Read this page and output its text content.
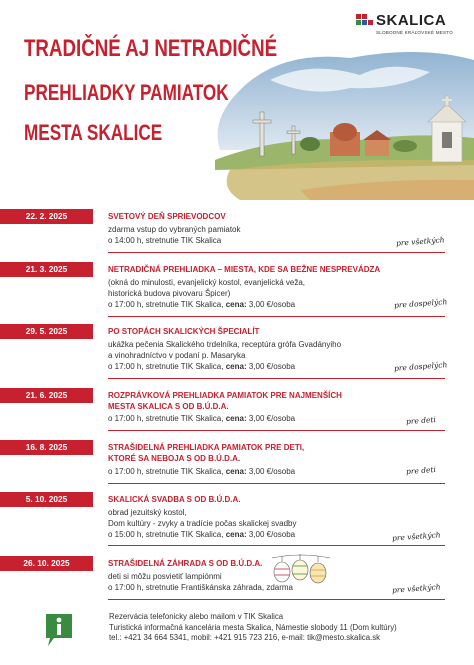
SKALICA
SLOBODNÉ KRÁĽOVSKÉ MESTO
TRADIČNÉ AJ NETRADIČNÉ
PREHLIADKY PAMIATOK
MESTA SKALICE
22. 2. 2025	SVETOVÝ DEŇ SPRIEVODCOV
zdarma vstup do vybraných pamiatok
o 14:00 h, stretnutie TIK Skalica	pre všetkých
21. 3. 2025	NETRADIČNÁ PREHLIADKA – MIESTA, KDE SA BEŽNE NESPREVÁDZA
(okná do minulosti, evanjelický kostol, evanjelická veža,
historická budova pivovaru Špicer)
o 17:00 h, stretnutie TIK Skalica, cena: 3,00 €/osoba	pre dospelých
29. 5. 2025	PO STOPÁCH SKALICKÝCH ŠPECIALÍT
ukážka pečenia Skalického trdelníka, receptúra grófa Gvadányiho
a vinohradníctvo v podaní p. Masaryka
o 17:00 h, stretnutie TIK Skalica, cena: 3,00 €/osoba	pre dospelých
21. 6. 2025	ROZPRÁVKOVÁ PREHLIADKA PAMIATOK PRE NAJMENŠÍCH
MESTA SKALICA S OD B.Ú.D.A.
o 17:00 h, stretnutie TIK Skalica, cena: 3,00 €/osoba	pre deti
16. 8. 2025	STRAŠIDELNÁ PREHLIADKA PAMIATOK PRE DETI,
KTORÉ SA NEBOJA S OD B.Ú.D.A.
o 17:00 h, stretnutie TIK Skalica, cena: 3,00 €/osoba	pre deti
5. 10. 2025	SKALICKÁ SVADBA S OD B.Ú.D.A.
obrad jezuitský kostol,
Dom kultúry - zvyky a tradície počas skalickej svadby
o 15:00 h, stretnutie TIK Skalica, cena: 3,00 €/osoba	pre všetkých
26. 10. 2025	STRAŠIDELNÁ ZÁHRADA S OD B.Ú.D.A.
deti si môžu posvietiť lampiónmi
o 17:00 h, stretnutie Františkánska záhrada, zdarma	pre všetkých
Rezervácia telefonicky alebo mailom v TIK Skalica
Turistická informačná kancelária mesta Skalica, Námestie slobody 11 (Dom kultúry)
tel.: +421 34 664 5341, mobil: +421 915 723 216, e-mail: tik@mesto.skalica.sk
